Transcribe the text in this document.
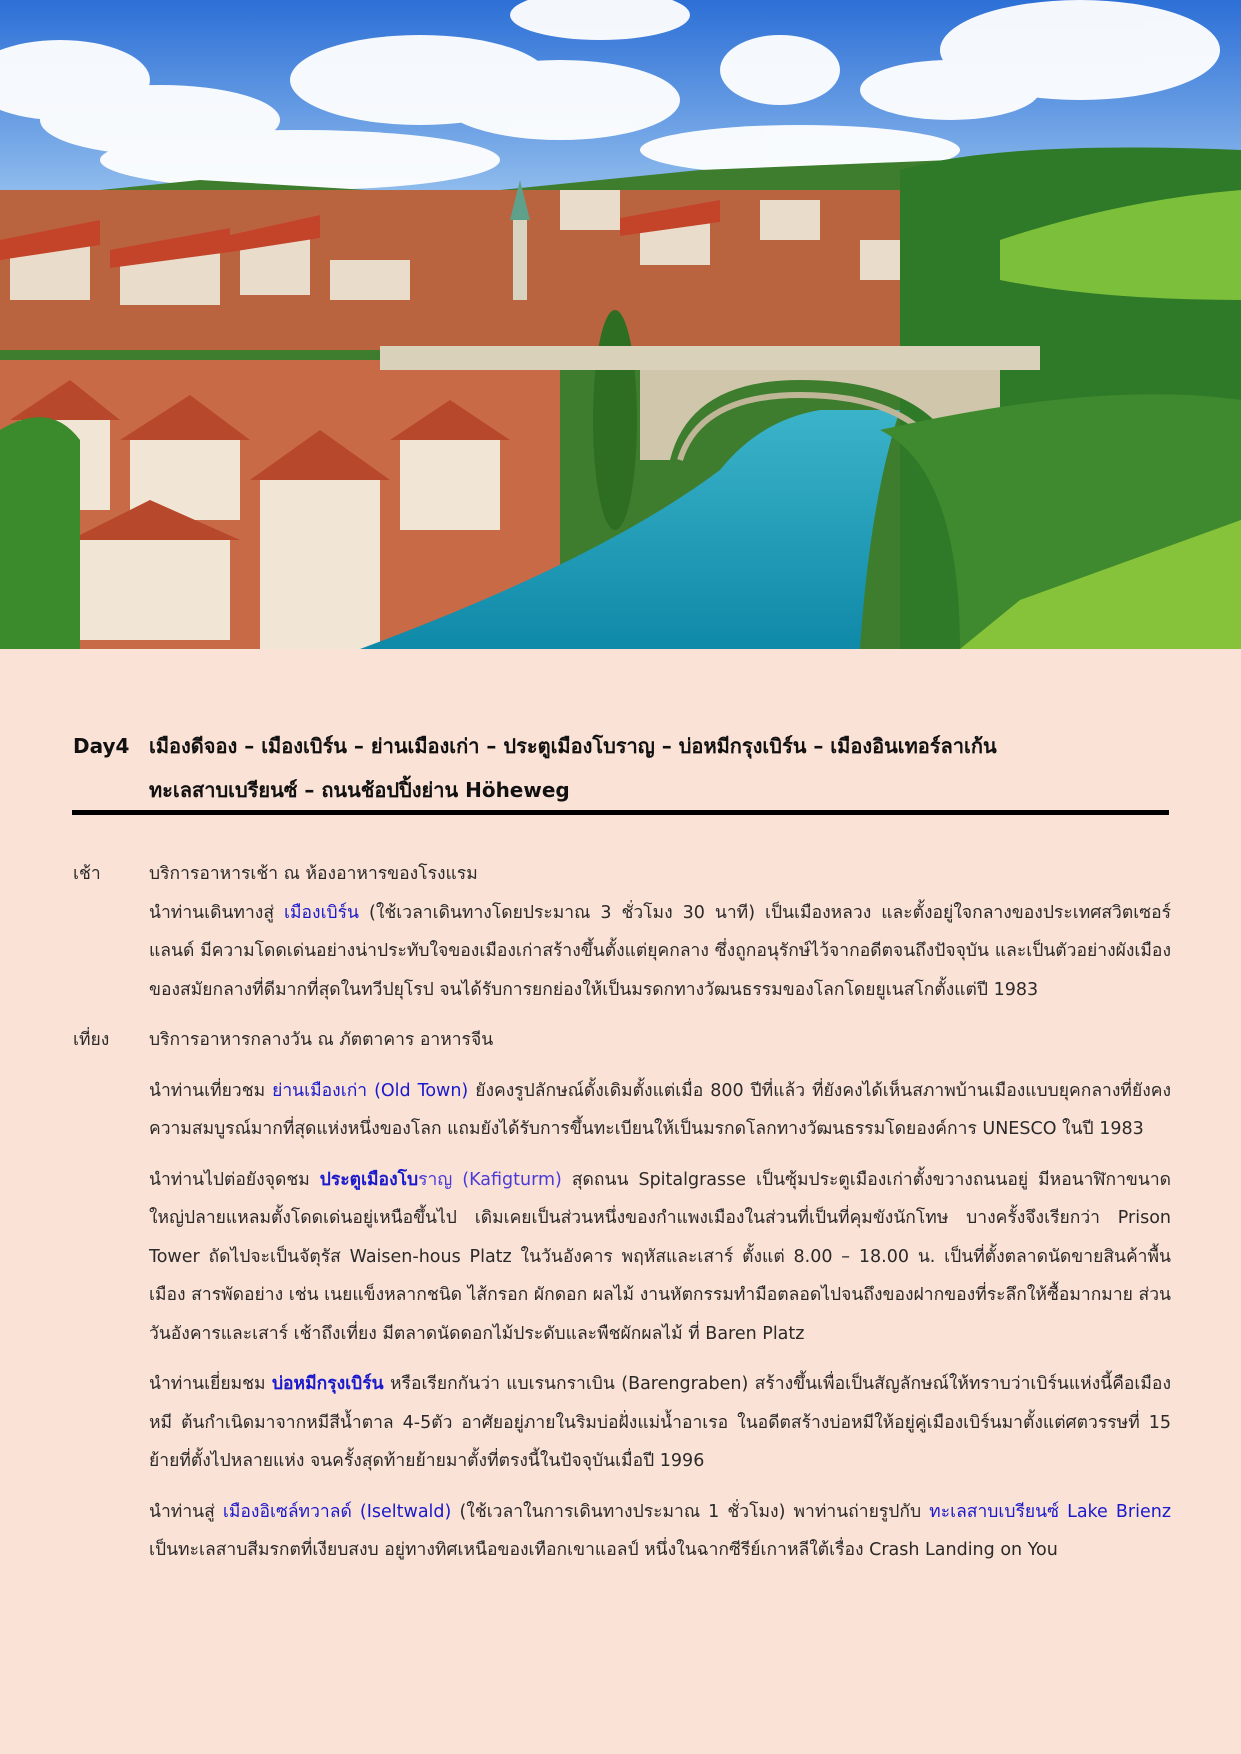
Day4 เมืองดีจอง – เมืองเบิร์น – ย่านเมืองเก่า – ประตูเมืองโบราญ – บ่อหมีกรุงเบิร์น – เมืองอินเทอร์ลาเก้น
ทะเลสาบเบรียนซ์ – ถนนช้อปปิ้งย่าน Höheweg
เช้า	บริการอาหารเช้า ณ ห้องอาหารของโรงแรม

นำท่านเดินทางสู่ เมืองเบิร์น (ใช้เวลาเดินทางโดยประมาณ 3 ชั่วโมง 30 นาที) เป็นเมืองหลวง และตั้งอยู่ใจกลางของประเทศสวิตเซอร์แลนด์ มีความโดดเด่นอย่างน่าประทับใจของเมืองเก่าสร้างขึ้นตั้งแต่ยุคกลาง ซึ่งถูกอนุรักษ์ไว้จากอดีตจนถึงปัจจุบัน และเป็นตัวอย่างผังเมืองของสมัยกลางที่ดีมากที่สุดในทวีปยุโรป จนได้รับการยกย่องให้เป็นมรดกทางวัฒนธรรมของโลกโดยยูเนสโกตั้งแต่ปี 1983

เที่ยง	บริการอาหารกลางวัน ณ ภัตตาคาร อาหารจีน

นำท่านเที่ยวชม ย่านเมืองเก่า (Old Town) ยังคงรูปลักษณ์ดั้งเดิมตั้งแต่เมื่อ 800 ปีที่แล้ว ที่ยังคงได้เห็นสภาพบ้านเมืองแบบยุคกลางที่ยังคงความสมบูรณ์มากที่สุดแห่งหนึ่งของโลก แถมยังได้รับการขึ้นทะเบียนให้เป็นมรกดโลกทางวัฒนธรรมโดยองค์การ UNESCO ในปี 1983

นำท่านไปต่อยังจุดชม ประตูเมืองโบราญ (Kafigturm) สุดถนน Spitalgrasse เป็นซุ้มประตูเมืองเก่าตั้งขวางถนนอยู่ มีหอนาฬิกาขนาดใหญ่ปลายแหลมตั้งโดดเด่นอยู่เหนือขึ้นไป เดิมเคยเป็นส่วนหนึ่งของกำแพงเมืองในส่วนที่เป็นที่คุมขังนักโทษ บางครั้งจึงเรียกว่า Prison Tower ถัดไปจะเป็นจัตุรัส Waisen-hous Platz ในวันอังคาร พฤหัสและเสาร์ ตั้งแต่ 8.00 – 18.00 น. เป็นที่ตั้งตลาดนัดขายสินค้าพื้นเมือง สารพัดอย่าง เช่น เนยแข็งหลากชนิด ไส้กรอก ผักดอก ผลไม้ งานหัตกรรมทำมือตลอดไปจนถึงของฝากของที่ระลึกให้ซื้อมากมาย ส่วนวันอังคารและเสาร์ เช้าถึงเที่ยง มีตลาดนัดดอกไม้ประดับและพืชผักผลไม้ ที่ Baren Platz

นำท่านเยี่ยมชม บ่อหมีกรุงเบิร์น หรือเรียกกันว่า แบเรนกราเบิน (Barengraben) สร้างขึ้นเพื่อเป็นสัญลักษณ์ให้ทราบว่าเบิร์นแห่งนี้คือเมืองหมี ต้นกำเนิดมาจากหมีสีน้ำตาล 4-5ตัว อาศัยอยู่ภายในริมบ่อฝั่งแม่น้ำอาเรอ ในอดีตสร้างบ่อหมีให้อยู่คู่เมืองเบิร์นมาตั้งแต่ศตวรรษที่ 15 ย้ายที่ตั้งไปหลายแห่ง จนครั้งสุดท้ายย้ายมาตั้งที่ตรงนี้ในปัจจุบันเมื่อปี 1996

นำท่านสู่ เมืองอิเซล์ทวาลด์ (Iseltwald) (ใช้เวลาในการเดินทางประมาณ 1 ชั่วโมง) พาท่านถ่ายรูปกับ ทะเลสาบเบรียนซ์ Lake Brienz เป็นทะเลสาบสีมรกตที่เงียบสงบ อยู่ทางทิศเหนือของเทือกเขาแอลป์ หนึ่งในฉากซีรีย์เกาหลีใต้เรื่อง Crash Landing on You
